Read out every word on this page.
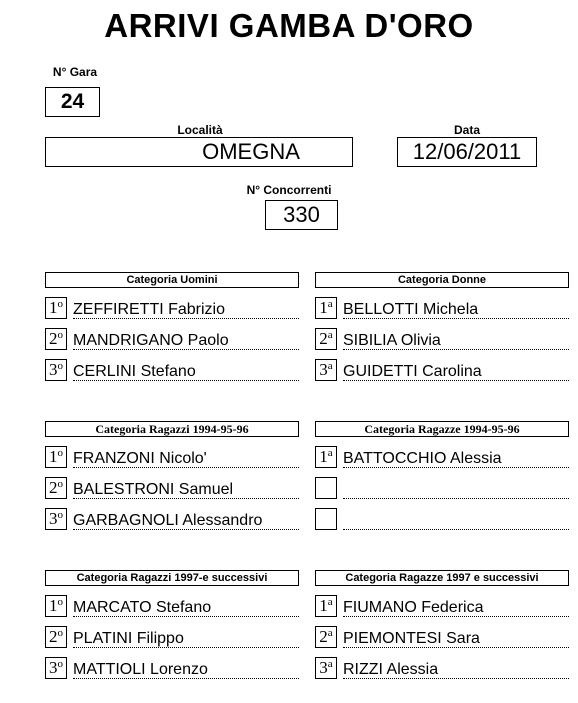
ARRIVI GAMBA D'ORO
N° Gara
24
Località
OMEGNA
Data
12/06/2011
N° Concorrenti
330
Categoria Uomini
1$^o$ ZEFFIRETTI Fabrizio
2$^o$ MANDRIGANO Paolo
3$^o$ CERLINI Stefano
Categoria Donne
1$^a$ BELLOTTI Michela
2$^a$ SIBILIA Olivia
3$^a$ GUIDETTI Carolina
Categoria Ragazzi 1994-95-96
1$^o$ FRANZONI Nicolo'
2$^o$ BALESTRONI Samuel
3$^o$ GARBAGNOLI Alessandro
Categoria Ragazze 1994-95-96
1$^a$ BATTOCCHIO Alessia
Categoria Ragazzi 1997-e successivi
1$^o$ MARCATO Stefano
2$^o$ PLATINI Filippo
3$^o$ MATTIOLI Lorenzo
Categoria Ragazze 1997 e successivi
1$^a$ FIUMANO Federica
2$^a$ PIEMONTESI Sara
3$^a$ RIZZI Alessia
